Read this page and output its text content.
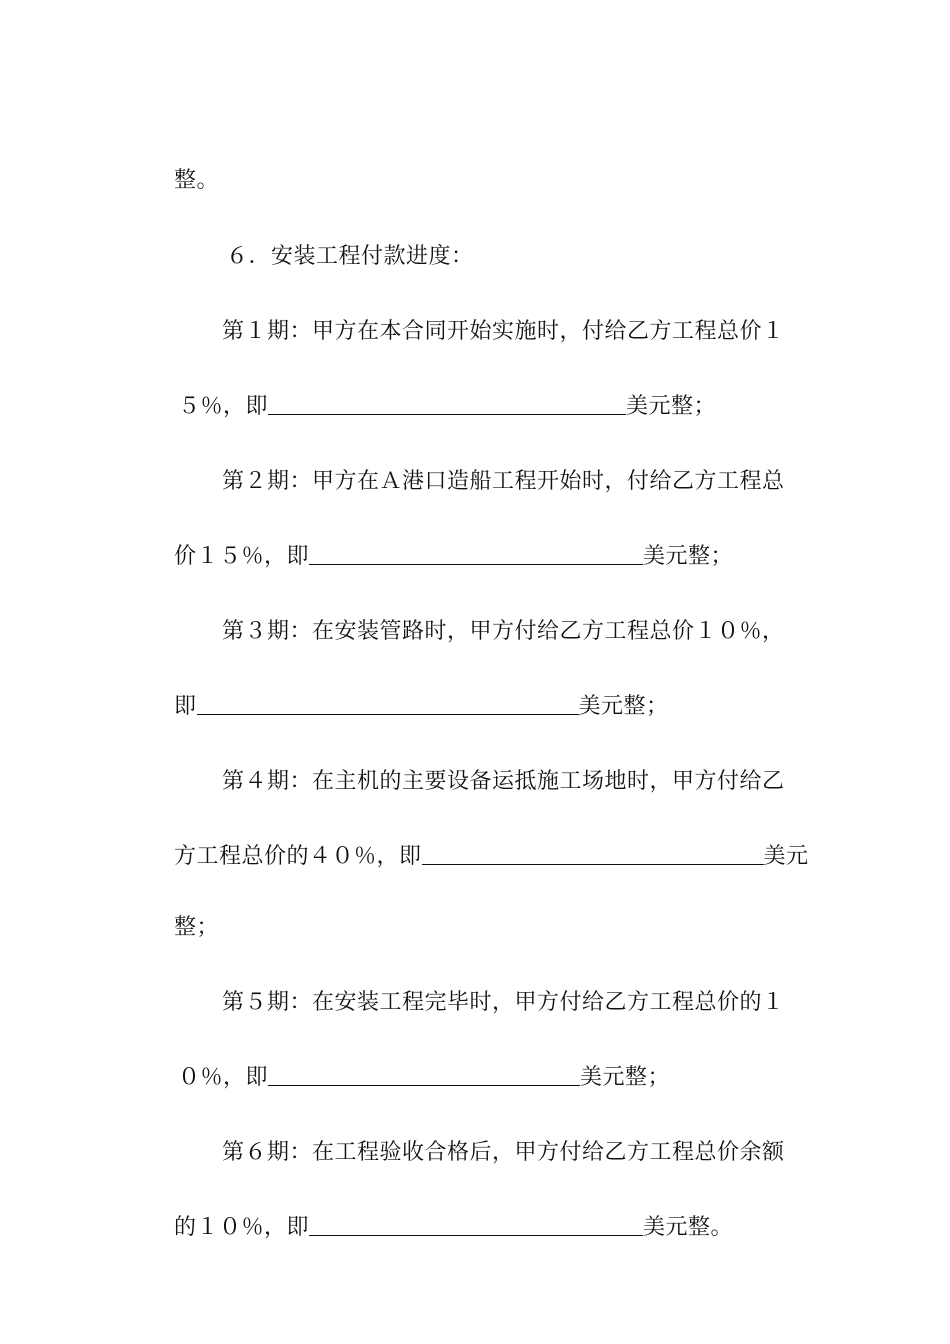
整。

６．安装工程付款进度：

第１期：甲方在本合同开始实施时，付给乙方工程总价１

５％，即	美元整；

第２期：甲方在Ａ港口造船工程开始时，付给乙方工程总

价１５％，即	美元整；

第３期：在安装管路时，甲方付给乙方工程总价１０％，

即	美元整；

第４期：在主机的主要设备运抵施工场地时，甲方付给乙

方工程总价的４０％，即	美元

整；

第５期：在安装工程完毕时，甲方付给乙方工程总价的１

０％，即	美元整；

第６期：在工程验收合格后，甲方付给乙方工程总价余额

的１０％，即	美元整。
